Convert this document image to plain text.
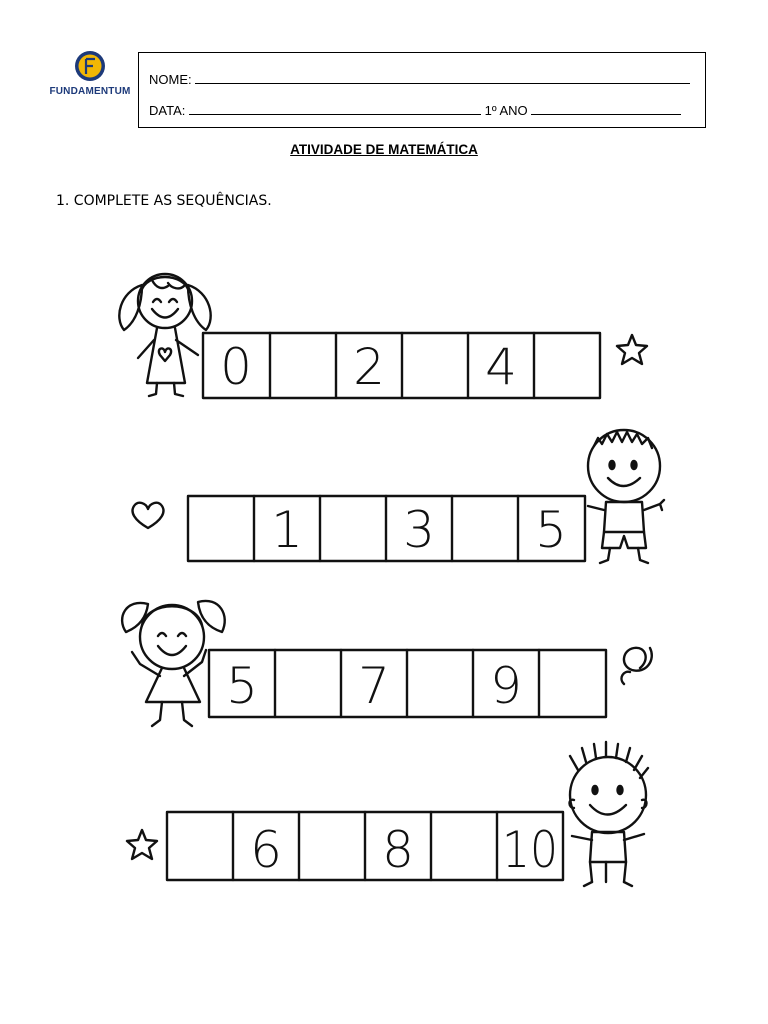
FUNDAMENTUM
NOME:
DATA:	1º ANO
ATIVIDADE DE MATEMÁTICA
1. COMPLETE AS SEQUÊNCIAS.
0 2 4
1 3 5
5 7 9
6 8 10
